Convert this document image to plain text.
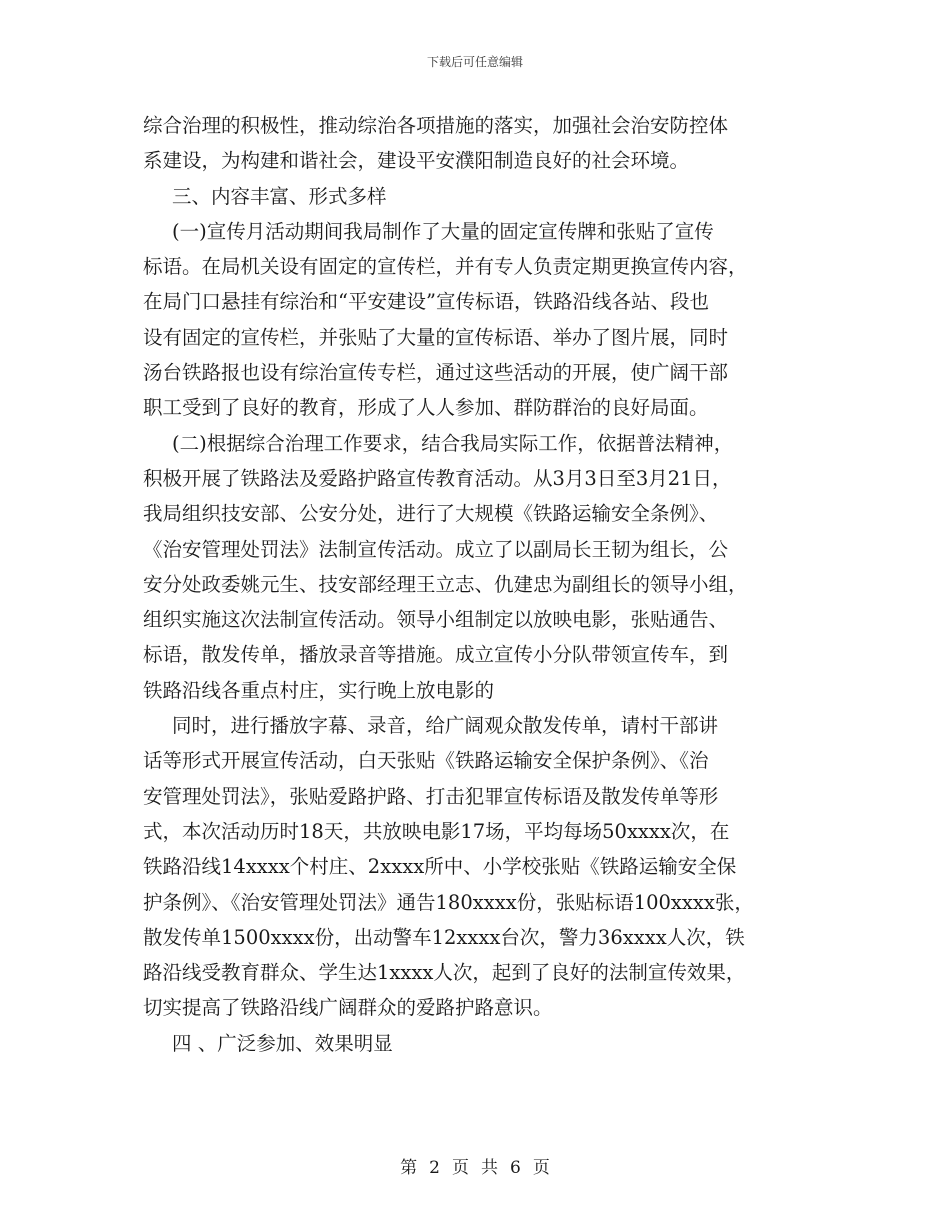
下载后可任意编辑
综合治理的积极性，推动综治各项措施的落实，加强社会治安防控体
系建设，为构建和谐社会，建设平安濮阳制造良好的社会环境。
三、内容丰富、形式多样
(一)宣传月活动期间我局制作了大量的固定宣传牌和张贴了宣传
标语。在局机关设有固定的宣传栏，并有专人负责定期更换宣传内容，
在局门口悬挂有综治和“平安建设”宣传标语，铁路沿线各站、段也
设有固定的宣传栏，并张贴了大量的宣传标语、举办了图片展，同时
汤台铁路报也设有综治宣传专栏，通过这些活动的开展，使广阔干部
职工受到了良好的教育，形成了人人参加、群防群治的良好局面。
(二)根据综合治理工作要求，结合我局实际工作，依据普法精神，
积极开展了铁路法及爱路护路宣传教育活动。从3月3日至3月21日，
我局组织技安部、公安分处，进行了大规模《铁路运输安全条例》、
《治安管理处罚法》法制宣传活动。成立了以副局长王韧为组长，公
安分处政委姚元生、技安部经理王立志、仇建忠为副组长的领导小组，
组织实施这次法制宣传活动。领导小组制定以放映电影，张贴通告、
标语，散发传单，播放录音等措施。成立宣传小分队带领宣传车，到
铁路沿线各重点村庄，实行晚上放电影的
同时，进行播放字幕、录音，给广阔观众散发传单，请村干部讲
话等形式开展宣传活动，白天张贴《铁路运输安全保护条例》、《治
安管理处罚法》，张贴爱路护路、打击犯罪宣传标语及散发传单等形
式，本次活动历时18天，共放映电影17场，平均每场50xxxx次，在
铁路沿线14xxxx个村庄、2xxxx所中、小学校张贴《铁路运输安全保
护条例》、《治安管理处罚法》通告180xxxx份，张贴标语100xxxx张，
散发传单1500xxxx份，出动警车12xxxx台次，警力36xxxx人次，铁
路沿线受教育群众、学生达1xxxx人次，起到了良好的法制宣传效果，
切实提高了铁路沿线广阔群众的爱路护路意识。
四 、广泛参加、效果明显
第 2 页 共 6 页
